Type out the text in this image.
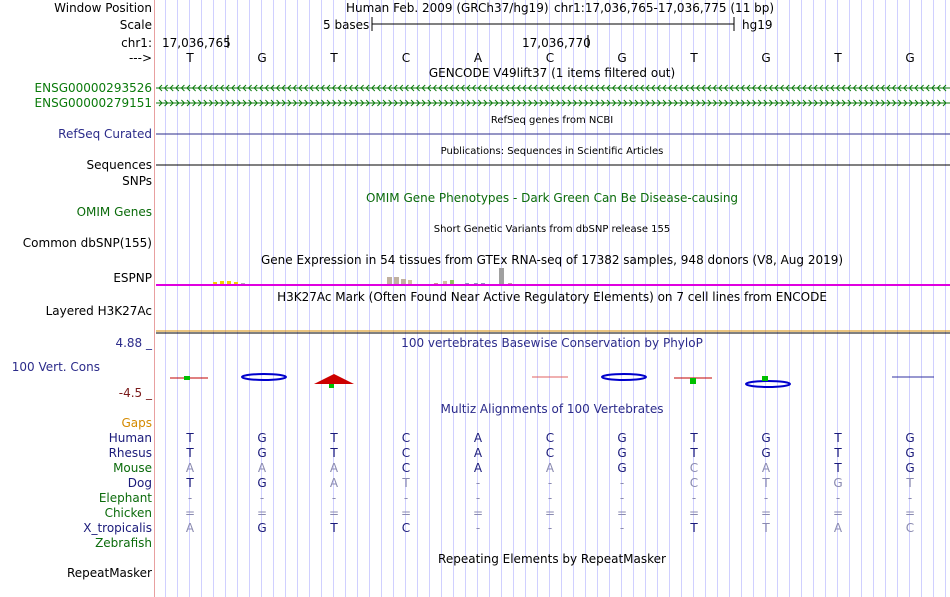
Window Position
Scale
chr1:
--->
Human Feb. 2009 (GRCh37/hg19) chr1:17,036,765-17,036,775 (11 bp)
5 bases	hg19
17,036,765	17,036,770
T	G	T	C	A	C	G	T	G	T	G
GENCODE V49lift37 (1 items filtered out)
ENSG00000293526
ENSG00000279151
RefSeq genes from NCBI
RefSeq Curated
Publications: Sequences in Scientific Articles
Sequences
SNPs
OMIM Gene Phenotypes - Dark Green Can Be Disease-causing
OMIM Genes
Short Genetic Variants from dbSNP release 155
Common dbSNP(155)
Gene Expression in 54 tissues from GTEx RNA-seq of 17382 samples, 948 donors (V8, Aug 2019)
ESPNP
H3K27Ac Mark (Often Found Near Active Regulatory Elements) on 7 cell lines from ENCODE
Layered H3K27Ac
100 vertebrates Basewise Conservation by PhyloP
4.88 _
100 Vert. Cons
-4.5 _
Multiz Alignments of 100 Vertebrates
Gaps
Human	T	G	T	C	A	C	G	T	G	T	G
Rhesus	T	G	T	C	A	C	G	T	G	T	G
Mouse	A	A	A	C	A	A	G	C	A	T	G
Dog	T	G	A	T	-	-	-	C	T	G	T
Elephant	-	-	-	-	-	-	-	-	-	-	-
Chicken	=	=	=	=	=	=	=	=	=	=	=
X_tropicalis	A	G	T	C	-	-	-	T	T	A	C
Zebrafish
Repeating Elements by RepeatMasker
RepeatMasker
